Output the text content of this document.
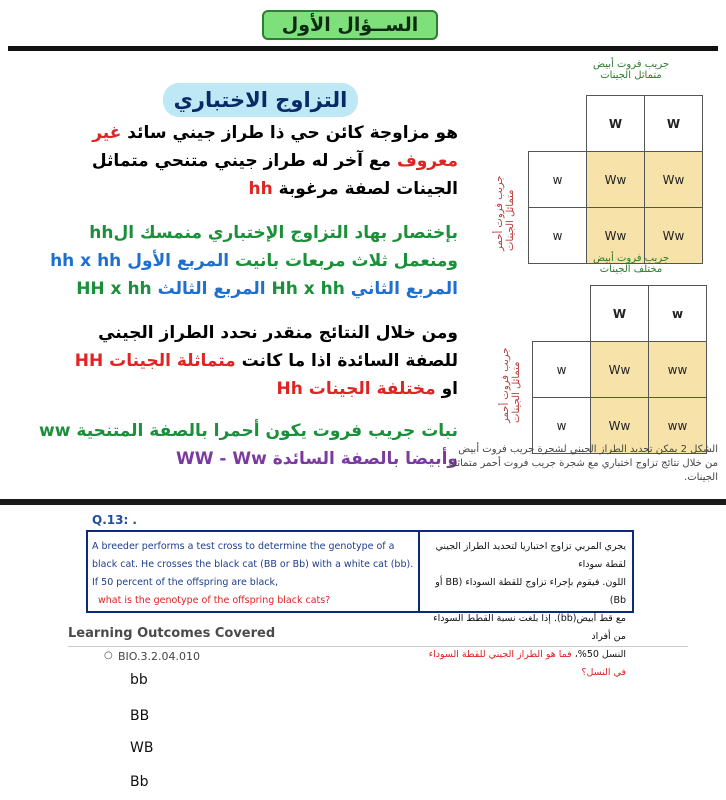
الســؤال الأول
التزاوج الاختباري
هو مزاوجة كائن حي ذا طراز جيني سائد غير
معروف مع آخر له طراز جيني متنحي متماثل
الجينات لصفة مرغوبة hh
بإختصار بهاد التزاوج الإختباري منمسك الhh
ومنعمل ثلاث مربعات بانيت المربع الأول hh x hh
المربع الثاني Hh x hh المربع الثالث HH x hh
ومن خلال النتائج منقدر نحدد الطراز الجيني
للصفة السائدة اذا ما كانت متماثلة الجينات HH
او مختلفة الجينات Hh
نبات جريب فروت يكون أحمرا بالصفة المتنحية ww
وأبيضا بالصفة السائدة WW - Ww
جريب فروت أبيض
متماثل الجينات
جريب فروت أحمر
متماثل الجينات
	W	W
w	Ww	Ww
w	Ww	Ww
جريب فروت أبيض
مختلف الجينات
جريب فروت أحمر
متماثل الجينات
	W	w
w	Ww	ww
w	Ww	ww
الشكل 2 يمكن تحديد الطراز الجيني لشجرة جريب فروت أبيض من خلال نتائج تزاوج اختباري مع شجرة جريب فروت أحمر متماثلة الجينات.

Q.13: .
A breeder performs a test cross to determine the genotype of a
black cat. He crosses the black cat (BB or Bb) with a white cat (bb).
If 50 percent of the offspring are black,
what is the genotype of the offspring black cats?
يجري المربي تزاوج اختباريا لتحديد الطراز الجيني لقطة سوداء
اللون. فيقوم بإجراء تزاوج للقطة السوداء (BB أو Bb)
مع قط أبيض(bb). إذا بلغت نسبة القطط السوداء من أفراد
النسل 50%، فما هو الطراز الجيني للقطة السوداء في النسل؟
Learning Outcomes Covered
○ BIO.3.2.04.010
bb
BB
WB
Bb
